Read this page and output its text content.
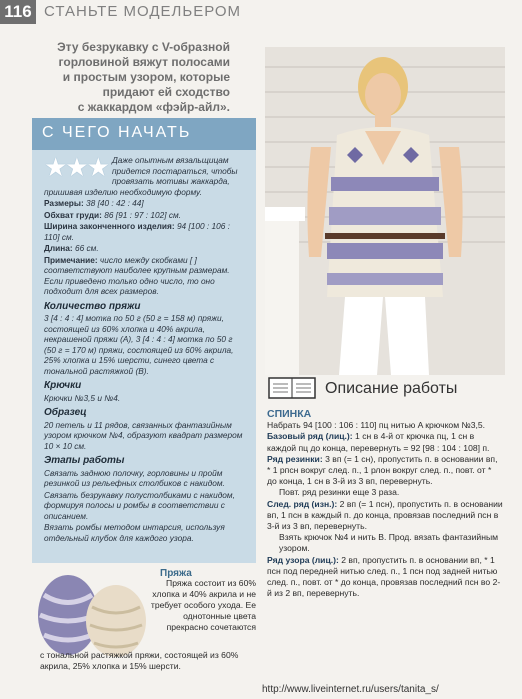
116 СТАНЬТЕ МОДЕЛЬЕРОМ
Эту безрукавку с V-образной
горловиной вяжут полосами
и простым узором, которые
придают ей сходство
с жаккардом «фэйр-айл».
С ЧЕГО НАЧАТЬ
★★★ Даже опытным вязальщицам придется постараться, чтобы провязать мотивы жаккарда, пришивая изделию необходимую форму.

Размеры: 38 [40 : 42 : 44]

Обхват груди: 86 [91 : 97 : 102] см.

Ширина законченного изделия: 94 [100 : 106 : 110] см.

Длина: 66 см.

Примечание: число между скобками [ ] соответствуют наиболее крупным размерам. Если приведено только одно число, то оно подходит для всех размеров.

Количество пряжи

3 [4 : 4 : 4] мотка по 50 г (50 г = 158 м) пряжи, состоящей из 60% хлопка и 40% акрила, некрашеной пряжи (A), 3 [4 : 4 : 4] мотка по 50 г (50 г = 170 м) пряжи, состоящей из 60% акрила, 25% хлопка и 15% шерсти, синего цвета с тональной растяжкой (B).

Крючки

Крючки №3,5 и №4.

Образец

20 петель и 11 рядов, связанных фантазийным узором крючком №4, образуют квадрат размером 10 × 10 см.

Этапы работы

Связать заднюю полочку, горловины и пройм резинкой из рельефных столбиков с накидом.

Связать безрукавку полустолбиками с накидом, формируя полосы и ромбы в соответствии с описанием.

Вязать ромбы методом интарсия, используя отдельный клубок для каждого узора.

Пряжа
Пряжа состоит из 60% хлопка и 40% акрила и не требует особого ухода. Ее однотонные цвета прекрасно сочетаются
с тональной растяжкой пряжи, состоящей из 60% акрила, 25% хлопка и 15% шерсти.
Описание работы
СПИНКА

Набрать 94 [100 : 106 : 110] пц нитью A крючком №3,5.

Базовый ряд (лиц.): 1 сн в 4-й от крючка пц, 1 сн в каждой пц до конца, перевернуть = 92 [98 : 104 : 108] п.

Ряд резинки: 3 вп (= 1 сн), пропустить п. в основании вп, * 1 рпсн вокруг след. п., 1 рлон вокруг след. п., повт. от * до конца, 1 сн в 3-й из 3 вп, перевернуть.

Повт. ряд резинки еще 3 раза.

След. ряд (изн.): 2 вп (= 1 псн), пропустить п. в основании вп, 1 псн в каждый п. до конца, провязав последний псн в 3-й из 3 вп, перевернуть.

Взять крючок №4 и нить B. Прод. вязать фантазийным узором.

Ряд узора (лиц.): 2 вп, пропустить п. в основании вп, * 1 псн под передней нитью след. п., 1 псн под задней нитью след. п., повт. от * до конца, провязав последний псн во 2-й из 2 вп, перевернуть.

http://www.liveinternet.ru/users/tanita_s/
